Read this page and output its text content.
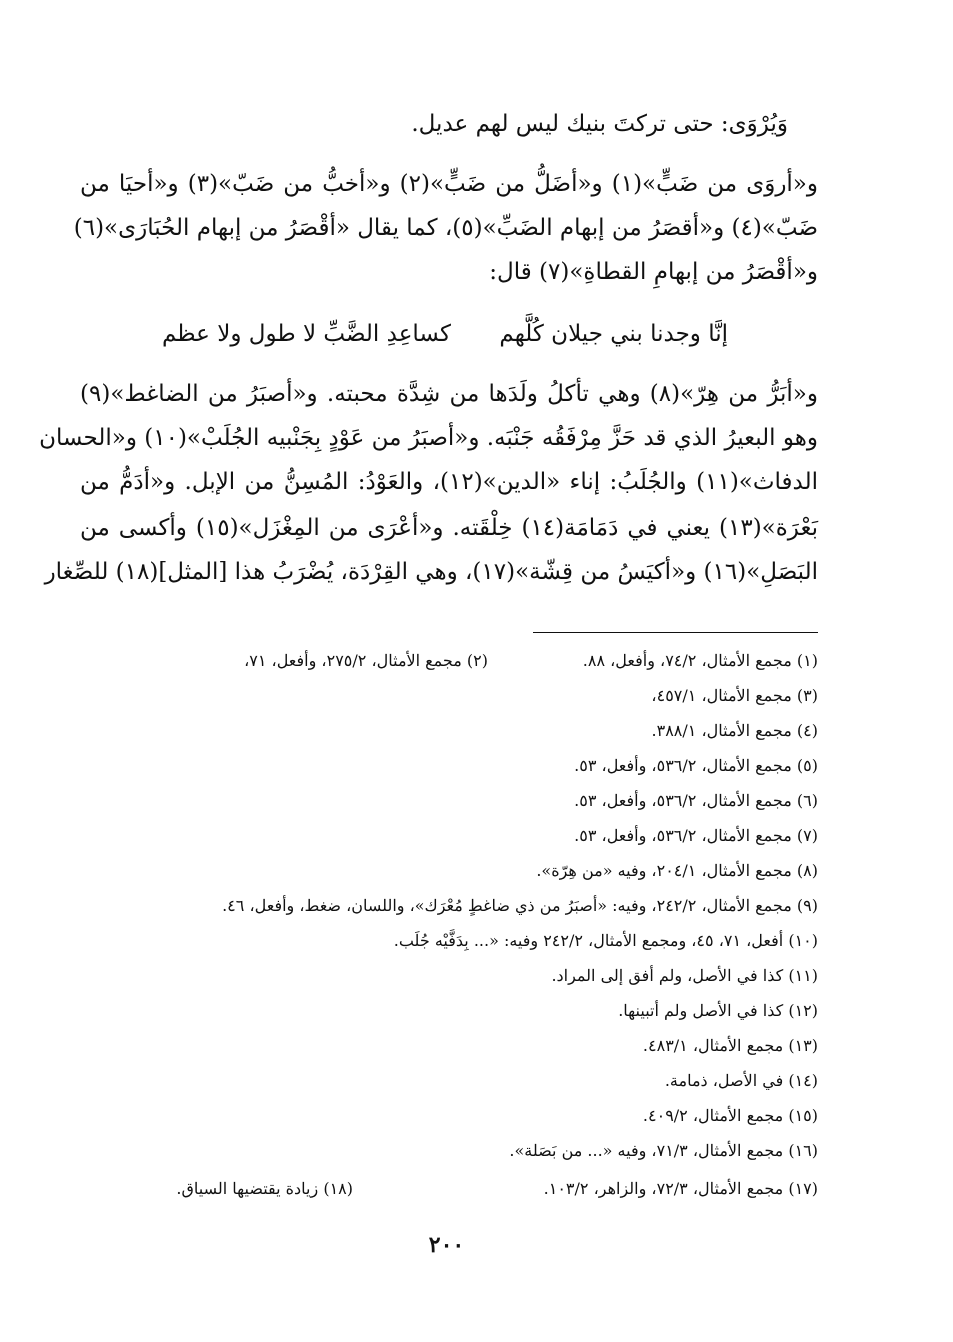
وَيُرْوَى: حتى تركتَ بنيك ليس لهم عديل.
و«أروَى من ضَبٍّ»(١) و«أضَلُّ من ضَبٍّ»(٢) و«أخبُّ من ضَبّ»(٣) و«أحيَا من
ضَبّ»(٤) و«أقصَرُ من إبهام الضَبِّ»(٥)، كما يقال «أقْصَرُ من إبهام الحُبَارَى»(٦)
و«أقْصَرُ من إبهامِ القطاةِ»(٧) قال:
إنَّا وجدنا بني جيلان كُلَّهم
كساعِدِ الضَّبِّ لا طول ولا عظم
و«أبَرُّ من هِرّ»(٨) وهي تأكلُ ولَدَها من شِدَّة محبته. و«أصبَرُ من الضاغط»(٩)
وهو البعيرُ الذي قد حَزَّ مِرْفَقُه جَنْبَه. و«أصبَرُ من عَوْدٍ بِجَنْبيه الجُلَبْ»(١٠) و«الحسان
الدفاث»(١١) والجُلَبُ: إناء «الدين»(١٢)، والعَوْدُ: المُسِنُّ من الإبل. و«أدَمُّ من
بَعْرَة»(١٣) يعني في دَمَامَة(١٤) خِلْقَته. و«أعْرَى من المِغْزَل»(١٥) وأكسى من
البَصَلِ»(١٦) و«أكيَسُ من قِشّة»(١٧)، وهي القِرْدَة، يُضْرَبُ هذا [المثل](١٨) للصِّغار
(١) مجمع الأمثال، ٧٤/٢، وأفعل، ٨٨.
(٢) مجمع الأمثال، ٢٧٥/٢، وأفعل، ٧١،
(٣) مجمع الأمثال، ٤٥٧/١،
(٤) مجمع الأمثال، ٣٨٨/١.
(٥) مجمع الأمثال، ٥٣٦/٢، وأفعل، ٥٣.
(٦) مجمع الأمثال، ٥٣٦/٢، وأفعل، ٥٣.
(٧) مجمع الأمثال، ٥٣٦/٢، وأفعل، ٥٣.
(٨) مجمع الأمثال، ٢٠٤/١، وفيه «من هِرّة».
(٩) مجمع الأمثال، ٢٤٢/٢، وفيه: «أصبَرُ من ذي ضاغطٍ مُعْرَك»، واللسان، ضغط، وأفعل، ٤٦.
(١٠) أفعل، ٧١، ٤٥، ومجمع الأمثال، ٢٤٢/٢ وفيه: «... بِدَفَّيْه جُلَب.
(١١) كذا في الأصل، ولم أفق إلى المراد.
(١٢) كذا في الأصل ولم أتبينها.
(١٣) مجمع الأمثال، ٤٨٣/١.
(١٤) في الأصل، ذمامة.
(١٥) مجمع الأمثال، ٤٠٩/٢.
(١٦) مجمع الأمثال، ٧١/٣، وفيه «... من بَصَلة».
(١٧) مجمع الأمثال، ٧٢/٣، والزاهر، ١٠٣/٢.
(١٨) زيادة يقتضيها السياق.
٢٠٠
